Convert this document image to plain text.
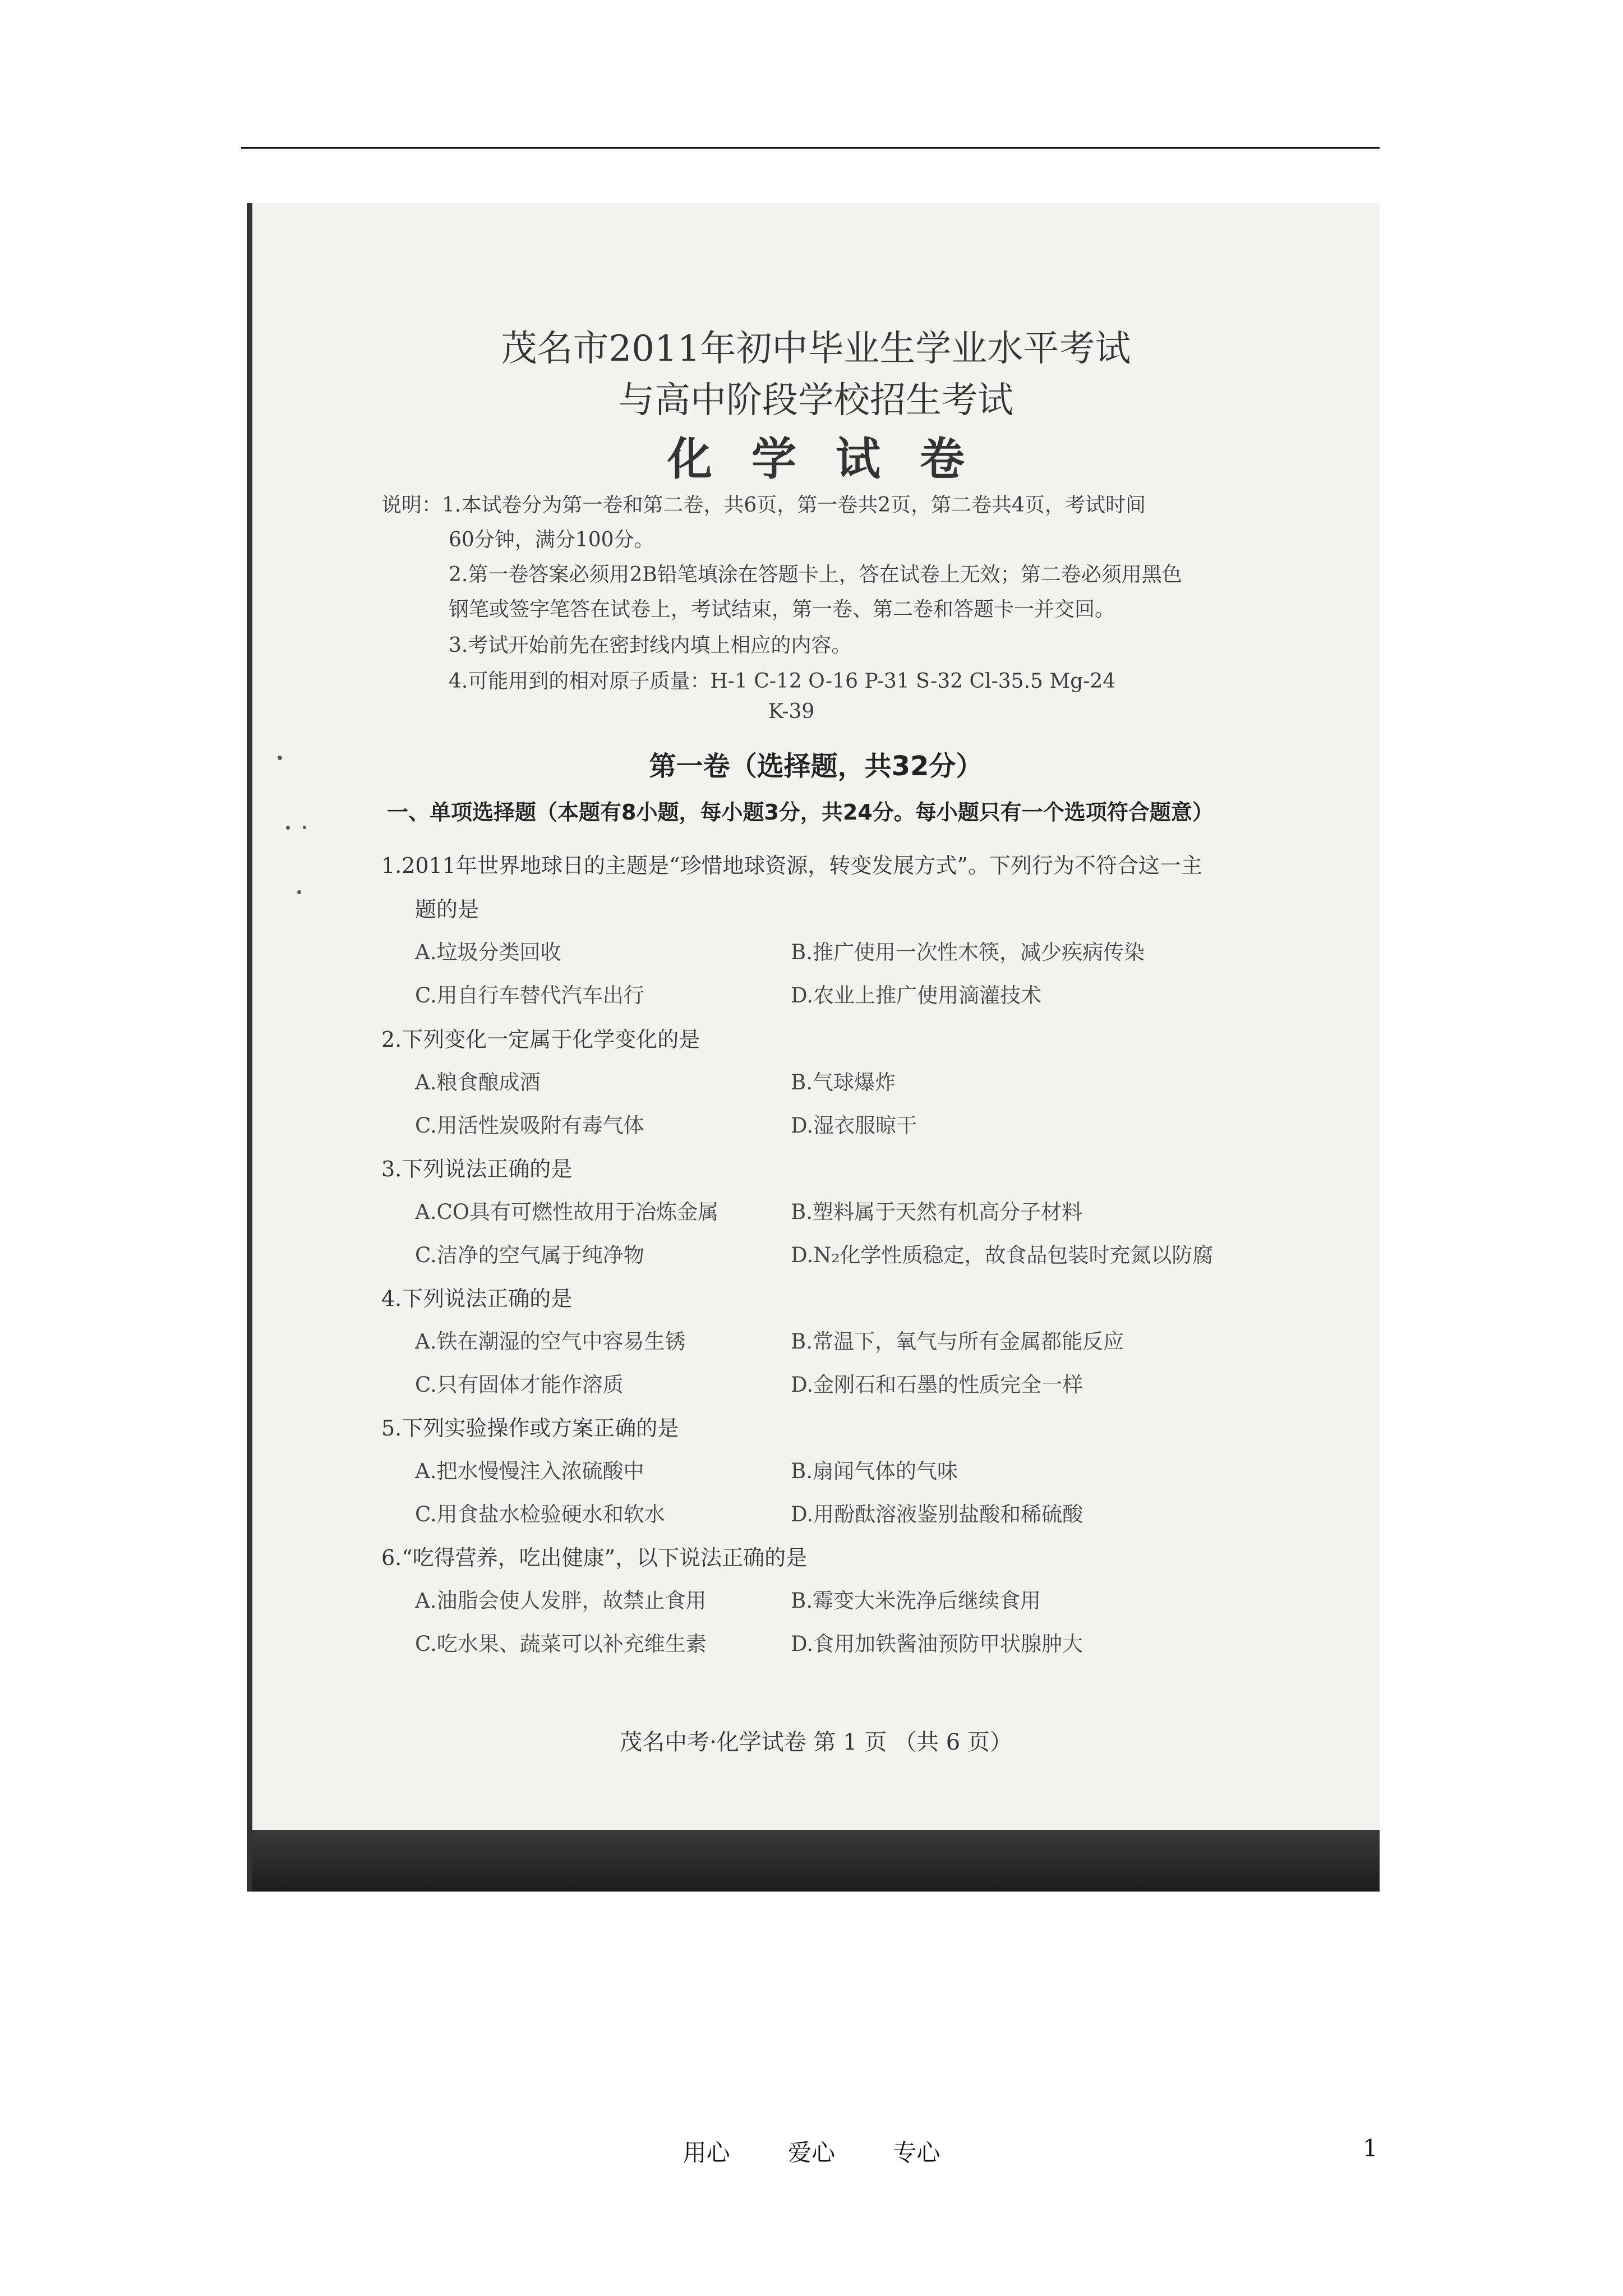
茂名市2011年初中毕业生学业水平考试
与高中阶段学校招生考试
化学试卷
说明：1.本试卷分为第一卷和第二卷，共6页，第一卷共2页，第二卷共4页，考试时间
60分钟，满分100分。
2.第一卷答案必须用2B铅笔填涂在答题卡上，答在试卷上无效；第二卷必须用黑色
钢笔或签字笔答在试卷上，考试结束，第一卷、第二卷和答题卡一并交回。
3.考试开始前先在密封线内填上相应的内容。
4.可能用到的相对原子质量：H-1 C-12 O-16 P-31 S-32 Cl-35.5 Mg-24
K-39
第一卷（选择题，共32分）
一、单项选择题（本题有8小题，每小题3分，共24分。每小题只有一个选项符合题意）
1.2011年世界地球日的主题是“珍惜地球资源，转变发展方式”。下列行为不符合这一主
题的是
A.垃圾分类回收	B.推广使用一次性木筷，减少疾病传染
C.用自行车替代汽车出行	D.农业上推广使用滴灌技术
2.下列变化一定属于化学变化的是
A.粮食酿成酒	B.气球爆炸
C.用活性炭吸附有毒气体	D.湿衣服晾干
3.下列说法正确的是
A.CO具有可燃性故用于冶炼金属	B.塑料属于天然有机高分子材料
C.洁净的空气属于纯净物	D.N₂化学性质稳定，故食品包装时充氮以防腐
4.下列说法正确的是
A.铁在潮湿的空气中容易生锈	B.常温下，氧气与所有金属都能反应
C.只有固体才能作溶质	D.金刚石和石墨的性质完全一样
5.下列实验操作或方案正确的是
A.把水慢慢注入浓硫酸中	B.扇闻气体的气味
C.用食盐水检验硬水和软水	D.用酚酞溶液鉴别盐酸和稀硫酸
6.“吃得营养，吃出健康”，以下说法正确的是
A.油脂会使人发胖，故禁止食用	B.霉变大米洗净后继续食用
C.吃水果、蔬菜可以补充维生素	D.食用加铁酱油预防甲状腺肿大
茂名中考·化学试卷 第 1 页 （共 6 页）
用心 爱心 专心	1
